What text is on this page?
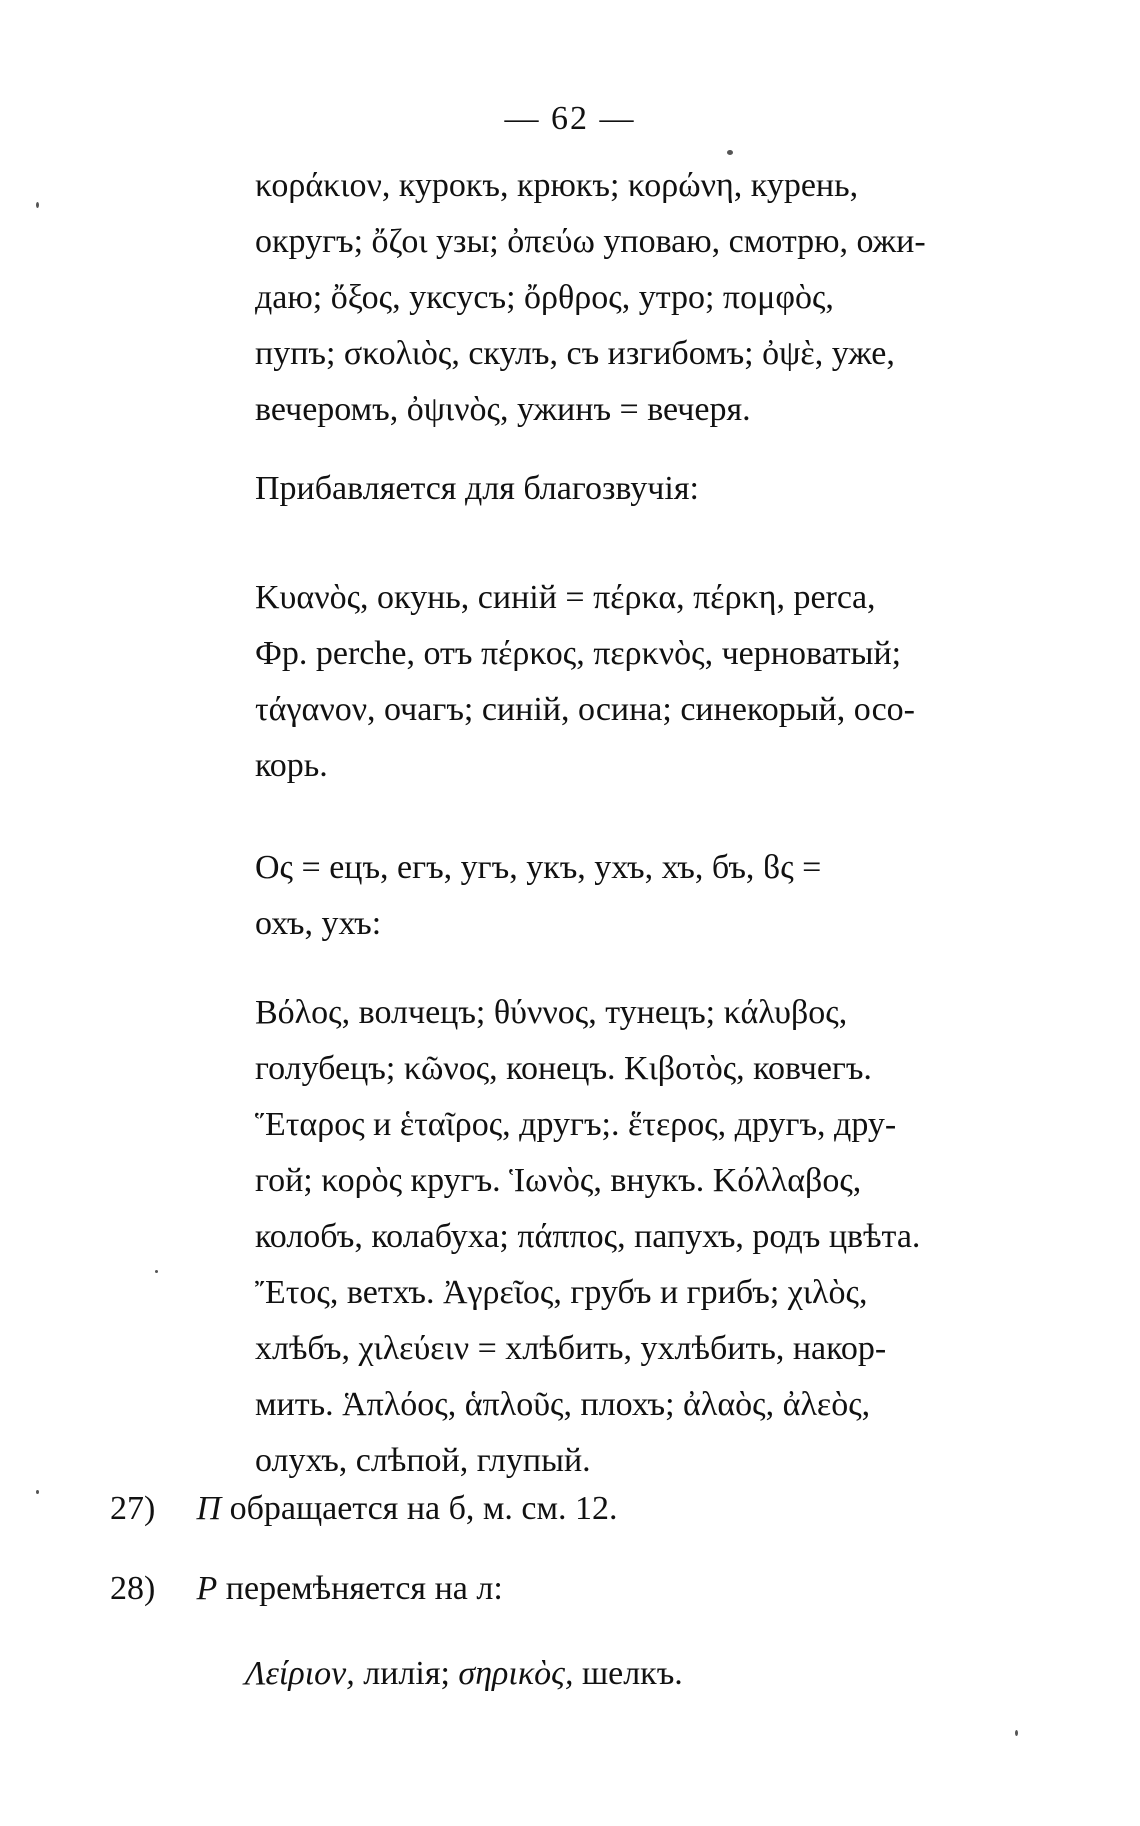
— 62 —
κοράκιον, курокъ, крюкъ; κορώνη, курень,
округъ; ὄζοι узы; ὀπεύω уповаю, смотрю, ожи-
даю; ὄξος, уксусъ; ὄρθρος, утро; πομφὸς,
пупъ; σκολιὸς, скулъ, съ изгибомъ; ὀψὲ, уже,
вечеромъ, ὀψινὸς, ужинъ = вечеря.
Прибавляется для благозвучія:
Κυανὸς, окунь, синій = πέρκα, πέρκη, perca,
Фр. perche, отъ πέρκος, περκνὸς, черноватый;
τάγανον, очагъ; синій, осина; синекорый, осо-
корь.
Ος = ецъ, егъ, угъ, укъ, ухъ, хъ, бъ, ϐς =
охъ, ухъ:
Βόλος, волчецъ; θύννος, тунецъ; κάλυβος,
голубецъ; κῶνος, конецъ. Κιβοτὸς, ковчегъ.
Ἕταρος и ἑταῖρος, другъ;. ἕτερος, другъ, дру-
гой; κορὸς кругъ. Ἱωνὸς, внукъ. Κόλλαβος,
колобъ, колабуха; πάππος, папухъ, родъ цвѣта.
Ἔτος, ветхъ. Ἀγρεῖος, грубъ и грибъ; χιλὸς,
хлѣбъ, χιλεύειν = хлѣбить, ухлѣбить, накор-
мить. Ἁπλόος, ἁπλοῦς, плохъ; ἀλαὸς, ἀλεὸς,
олухъ, слѣпой, глупый.
27) Π обращается на б, м. см. 12.
28) Ρ перемѣняется на л:
Λείριον, лилія; σηρικὸς, шелкъ.
